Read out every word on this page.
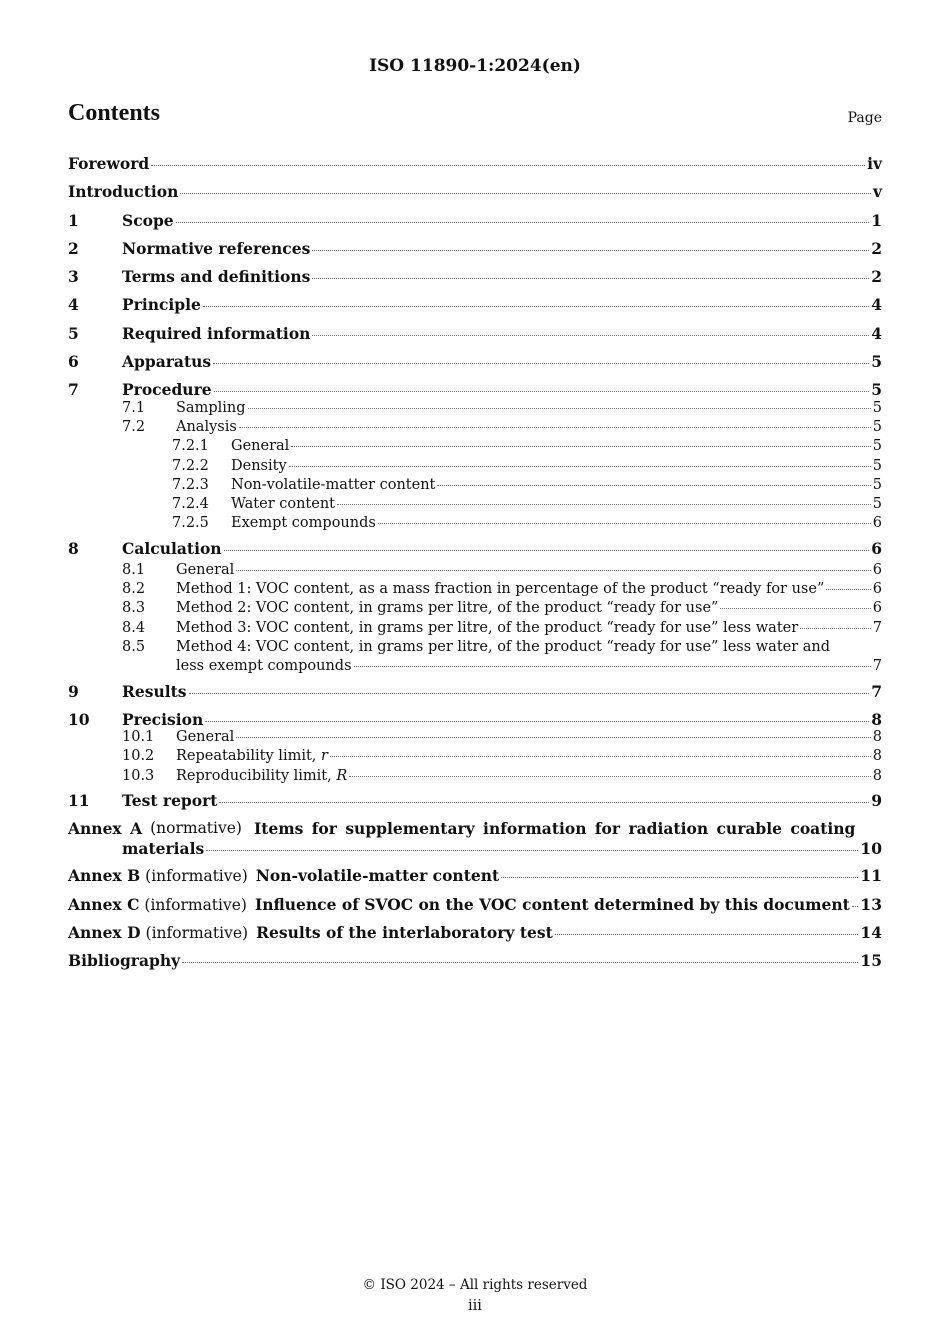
ISO 11890-1:2024(en)
Contents	Page
Foreword	iv
Introduction	v
1	Scope	1
2	Normative references	2
3	Terms and definitions	2
4	Principle	4
5	Required information	4
6	Apparatus	5
7	Procedure	5
7.1	Sampling	5
7.2	Analysis	5
7.2.1	General	5
7.2.2	Density	5
7.2.3	Non-volatile-matter content	5
7.2.4	Water content	5
7.2.5	Exempt compounds	6
8	Calculation	6
8.1	General	6
8.2	Method 1: VOC content, as a mass fraction in percentage of the product “ready for use”	6
8.3	Method 2: VOC content, in grams per litre, of the product “ready for use”	6
8.4	Method 3: VOC content, in grams per litre, of the product “ready for use” less water	7
8.5	Method 4: VOC content, in grams per litre, of the product “ready for use” less water and
less exempt compounds	7
9	Results	7
10	Precision	8
10.1	General	8
10.2	Repeatability limit, r	8
10.3	Reproducibility limit, R	8
11	Test report	9
Annex A (normative) Items for supplementary information for radiation curable coating
materials	10
Annex B (informative) Non-volatile-matter content	11
Annex C (informative) Influence of SVOC on the VOC content determined by this document 13
Annex D (informative) Results of the interlaboratory test	14
Bibliography	15
© ISO 2024 – All rights reserved
iii
